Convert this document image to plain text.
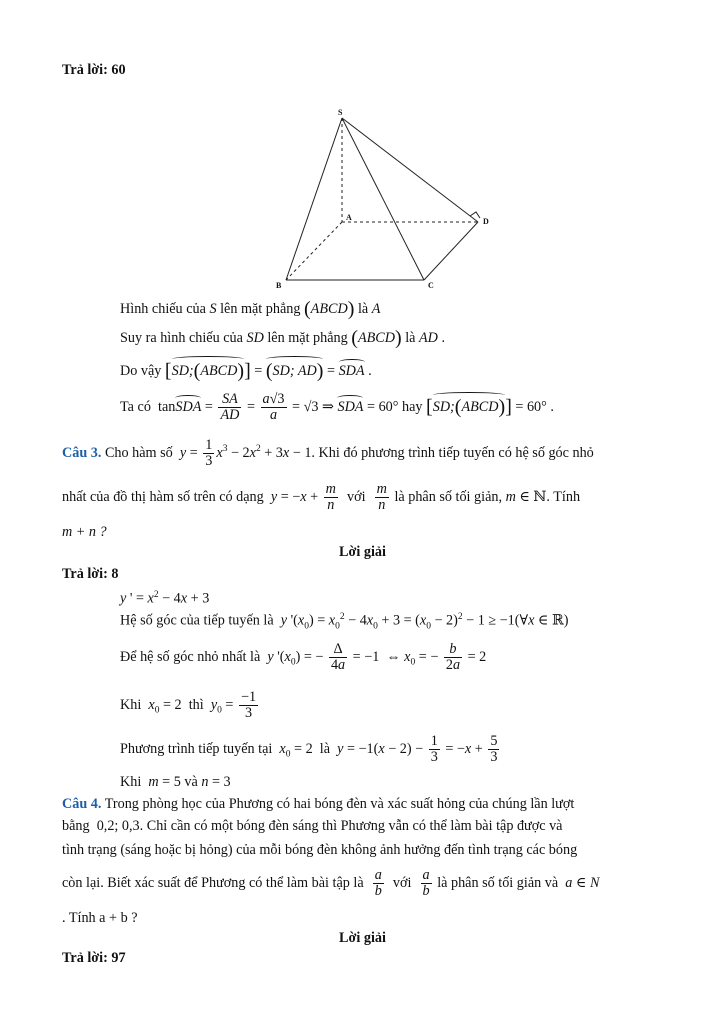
Trả lời: 60
S
A
B	C
D
Hình chiếu của S lên mặt phẳng (ABCD) là A
Suy ra hình chiếu của SD lên mặt phẳng (ABCD) là AD .
Do vậy [SD;(ABCD)] = (SD; AD) = SDA .
Ta có  tanSDA = $\frac{SA}{AD} = \frac{a√3}{a} = √3$ ⇒ SDA = 60° hay [SD;(ABCD)] = 60° .
Câu 3. Cho hàm số $y = \frac{1}{3} x^3 - 2x^2 + 3x - 1$. Khi đó phương trình tiếp tuyến có hệ số góc nhỏ
nhất của đồ thị hàm số trên có dạng $y = -x + \frac{m}{n}$ với $\frac{m}{n}$ là phân số tối giản, m ∈ ℕ. Tính
m + n ?
Lời giải
Trả lời: 8
y ' = $x^2 - 4x + 3$
Hệ số góc của tiếp tuyến là y '$(x_0) = x_0^2 - 4x_0 + 3 = (x_0 - 2)^2 - 1$ ≥ −1(∀x ∈ ℝ)
Để hệ số góc nhỏ nhất là y '$(x_0)$ = − $\frac{\Delta}{4a} = -1$  ⇔ $x_0$ = − $\frac{b}{2a} = 2$
Khi $x_0 = 2$  thì $y_0 = \frac{-1}{3}$
Phương trình tiếp tuyến tại $x_0 = 2$  là $y = -1(x - 2) - \frac{1}{3} = -x + \frac{5}{3}$
Khi m = 5 và n = 3
Câu 4. Trong phòng học của Phương có hai bóng đèn và xác suất hỏng của chúng lần lượt
bằng  0,2; 0,3. Chỉ cần có một bóng đèn sáng thì Phương vẫn có thể làm bài tập được và
tình trạng (sáng hoặc bị hỏng) của mỗi bóng đèn không ảnh hưởng đến tình trạng các bóng
còn lại. Biết xác suất để Phương có thể làm bài tập là $\frac{a}{b}$ với $\frac{a}{b}$ là phân số tối giản và a ∈ N
. Tính a + b ?
Lời giải
Trả lời: 97
